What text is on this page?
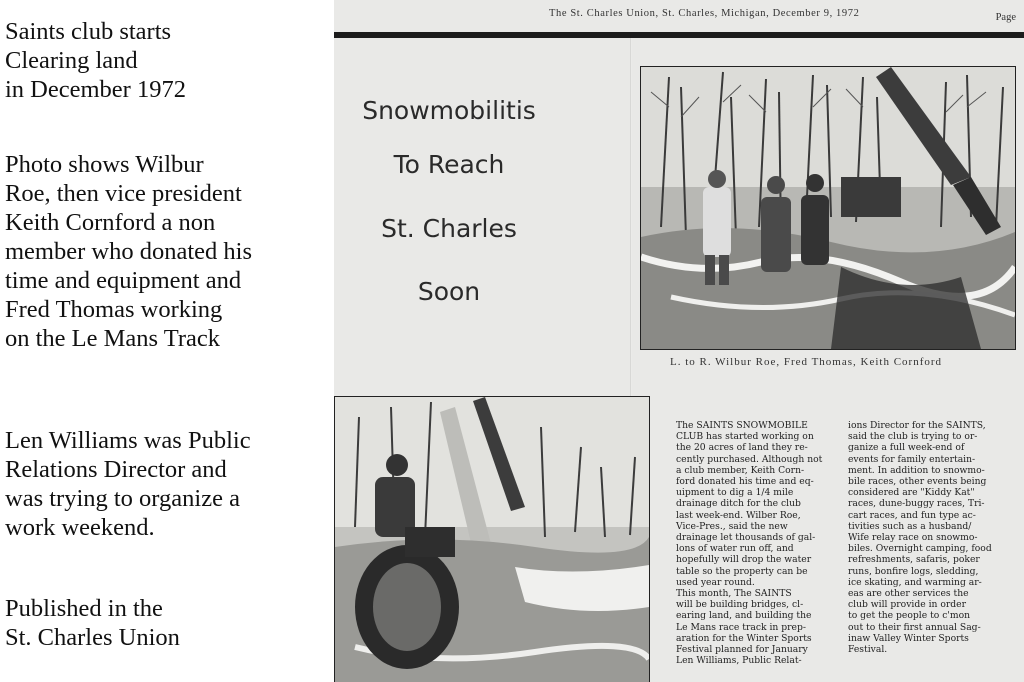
Saints club starts
Clearing land
in December 1972
Photo shows Wilbur
Roe, then vice president
Keith Cornford a non
member who donated his
time and equipment and
Fred Thomas working
on the Le Mans Track
Len Williams was Public
Relations Director and
was trying to organize a
work weekend.
Published in the
St. Charles Union
The St. Charles Union, St. Charles, Michigan, December 9, 1972	Page
Snowmobilitis
To Reach
St. Charles
Soon
L. to R. Wilbur Roe, Fred Thomas, Keith Cornford
The SAINTS SNOWMOBILE
CLUB has started working on
the 20 acres of land they re-
cently purchased. Although not
a club member, Keith Corn-
ford donated his time and eq-
uipment to dig a 1/4 mile
drainage ditch for the club
last week-end. Wilber Roe,
Vice-Pres., said the new
drainage let thousands of gal-
lons of water run off, and
hopefully will drop the water
table so the property can be
used year round.
This month, The SAINTS
will be building bridges, cl-
earing land, and building the
Le Mans race track in prep-
aration for the Winter Sports
Festival planned for January
Len Williams, Public Relat-
ions Director for the SAINTS,
said the club is trying to or-
ganize a full week-end of
events for family entertain-
ment. In addition to snowmo-
bile races, other events being
considered are "Kiddy Kat"
races, dune-buggy races, Tri-
cart races, and fun type ac-
tivities such as a husband/
Wife relay race on snowmo-
biles. Overnight camping, food
refreshments, safaris, poker
runs, bonfire logs, sledding,
ice skating, and warming ar-
eas are other services the
club will provide in order
to get the people to c'mon
out to their first annual Sag-
inaw Valley Winter Sports
Festival.
